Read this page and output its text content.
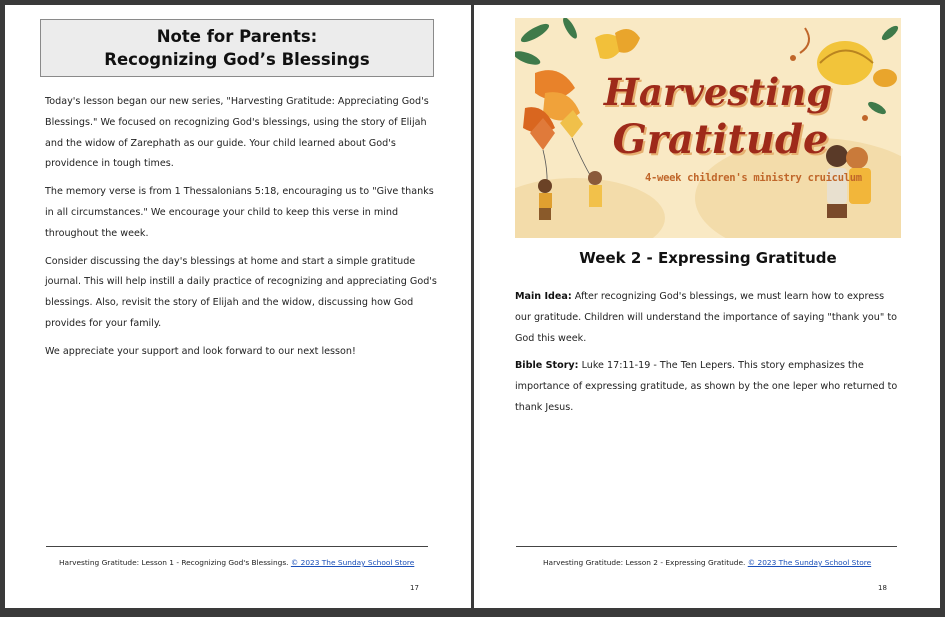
Note for Parents:
Recognizing God’s Blessings

Today's lesson began our new series, "Harvesting Gratitude: Appreciating God's Blessings." We focused on recognizing God's blessings, using the story of Elijah and the widow of Zarephath as our guide. Your child learned about God's providence in tough times.

The memory verse is from 1 Thessalonians 5:18, encouraging us to "Give thanks in all circumstances." We encourage your child to keep this verse in mind throughout the week.

Consider discussing the day's blessings at home and start a simple gratitude journal. This will help instill a daily practice of recognizing and appreciating God's blessings. Also, revisit the story of Elijah and the widow, discussing how God provides for your family.

We appreciate your support and look forward to our next lesson!

Harvesting Gratitude: Lesson 1 - Recognizing God's Blessings. © 2023 The Sunday School Store
17
Harvesting
Gratitude
4-week children's ministry cruiculum
Week 2 - Expressing Gratitude

Main Idea: After recognizing God's blessings, we must learn how to express our gratitude. Children will understand the importance of saying "thank you" to God this week.

Bible Story: Luke 17:11-19 - The Ten Lepers. This story emphasizes the importance of expressing gratitude, as shown by the one leper who returned to thank Jesus.

Harvesting Gratitude: Lesson 2 - Expressing Gratitude. © 2023 The Sunday School Store
18
